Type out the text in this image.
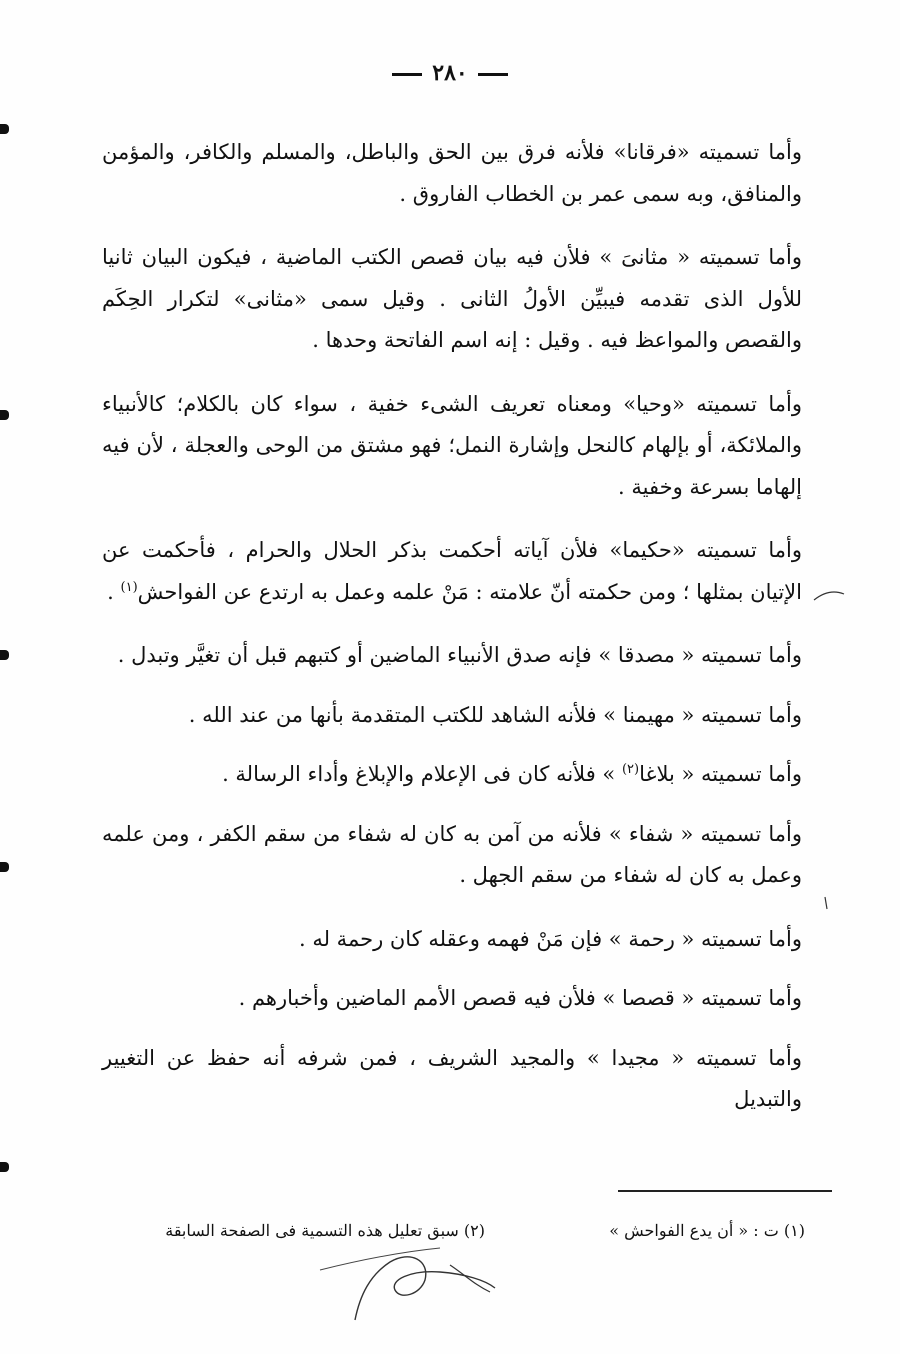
٢٨٠

وأما تسميته «فرقانا» فلأنه فرق بين الحق والباطل، والمسلم والكافر، والمؤمن والمنافق، وبه سمى عمر بن الخطاب الفاروق .

وأما تسميته « مثانىَ » فلأن فيه بيان قصص الكتب الماضية ، فيكون البيان ثانيا للأول الذى تقدمه فيبيِّن الأولُ الثانى . وقيل سمى «مثانى» لتكرار الحِكَم والقصص والمواعظ فيه . وقيل : إنه اسم الفاتحة وحدها .

وأما تسميته «وحيا» ومعناه تعريف الشىء خفية ، سواء كان بالكلام؛ كالأنبياء والملائكة، أو بإلهام كالنحل وإشارة النمل؛ فهو مشتق من الوحى والعجلة ، لأن فيه إلهاما بسرعة وخفية .

وأما تسميته «حكيما» فلأن آياته أحكمت بذكر الحلال والحرام ، فأحكمت عن الإتيان بمثلها ؛ ومن حكمته أنّ علامته : مَنْ علمه وعمل به ارتدع عن الفواحش$^{(١)}$ .

وأما تسميته « مصدقا » فإنه صدق الأنبياء الماضين أو كتبهم قبل أن تغيَّر وتبدل .

وأما تسميته « مهيمنا » فلأنه الشاهد للكتب المتقدمة بأنها من عند الله .

وأما تسميته « بلاغا$^{(٢)}$ » فلأنه كان فى الإعلام والإبلاغ وأداء الرسالة .

وأما تسميته « شفاء » فلأنه من آمن به كان له شفاء من سقم الكفر ، ومن علمه وعمل به كان له شفاء من سقم الجهل .

وأما تسميته « رحمة » فإن مَنْ فهمه وعقله كان رحمة له .

وأما تسميته « قصصا » فلأن فيه قصص الأمم الماضين وأخبارهم .

وأما تسميته « مجيدا » والمجيد الشريف ، فمن شرفه أنه حفظ عن التغيير والتبديل

(١) ت : « أن يدع الفواحش »
(٢) سبق تعليل هذه التسمية فى الصفحة السابقة
